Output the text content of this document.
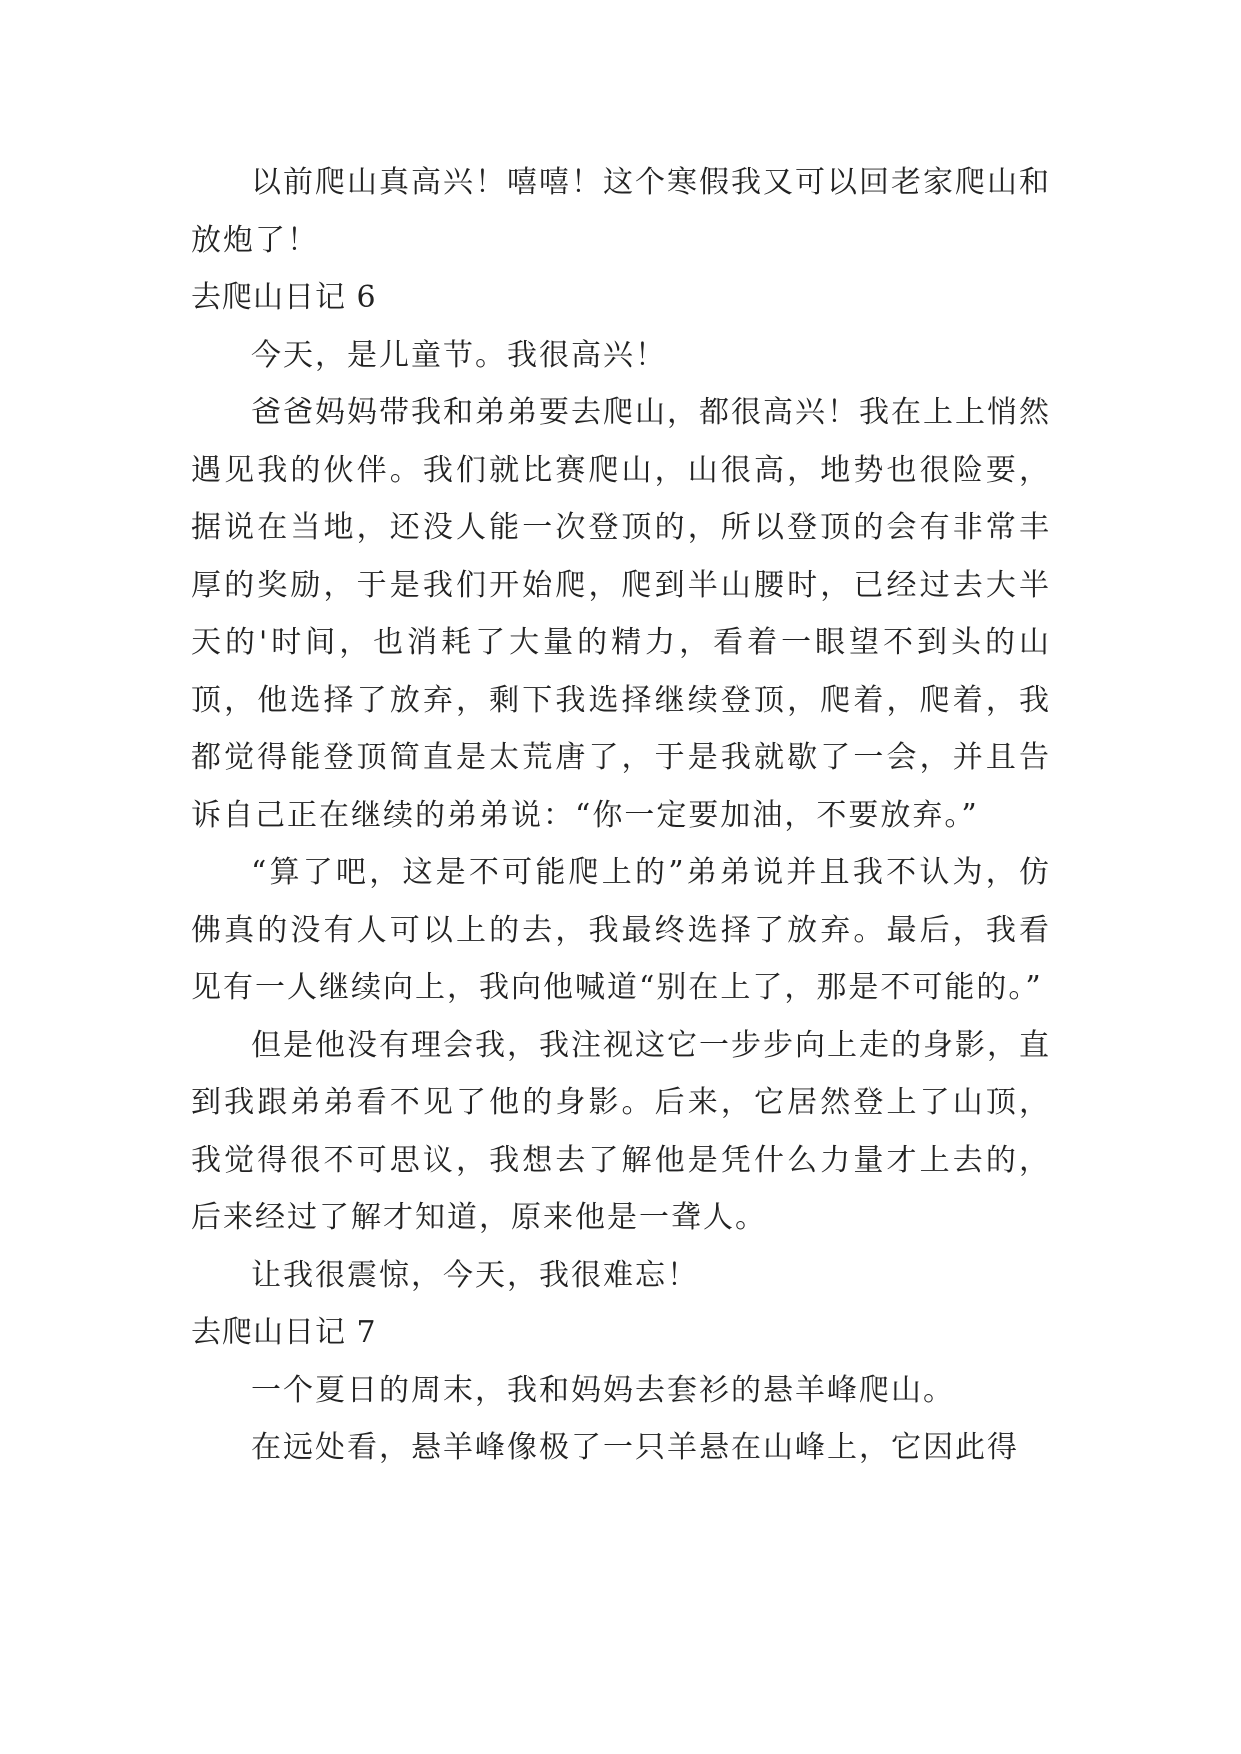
以前爬山真高兴！嘻嘻！这个寒假我又可以回老家爬山和放炮了！

去爬山日记 6

今天，是儿童节。我很高兴！

爸爸妈妈带我和弟弟要去爬山，都很高兴！我在上上悄然遇见我的伙伴。我们就比赛爬山，山很高，地势也很险要，据说在当地，还没人能一次登顶的，所以登顶的会有非常丰厚的奖励，于是我们开始爬，爬到半山腰时，已经过去大半天的'时间，也消耗了大量的精力，看着一眼望不到头的山顶，他选择了放弃，剩下我选择继续登顶，爬着，爬着，我都觉得能登顶简直是太荒唐了，于是我就歇了一会，并且告诉自己正在继续的弟弟说：“你一定要加油，不要放弃。”

“算了吧，这是不可能爬上的”弟弟说并且我不认为，仿佛真的没有人可以上的去，我最终选择了放弃。最后，我看见有一人继续向上，我向他喊道“别在上了，那是不可能的。”

但是他没有理会我，我注视这它一步步向上走的身影，直到我跟弟弟看不见了他的身影。后来，它居然登上了山顶，我觉得很不可思议，我想去了解他是凭什么力量才上去的，后来经过了解才知道，原来他是一聋人。

让我很震惊，今天，我很难忘！

去爬山日记 7

一个夏日的周末，我和妈妈去套衫的悬羊峰爬山。

在远处看，悬羊峰像极了一只羊悬在山峰上，它因此得
